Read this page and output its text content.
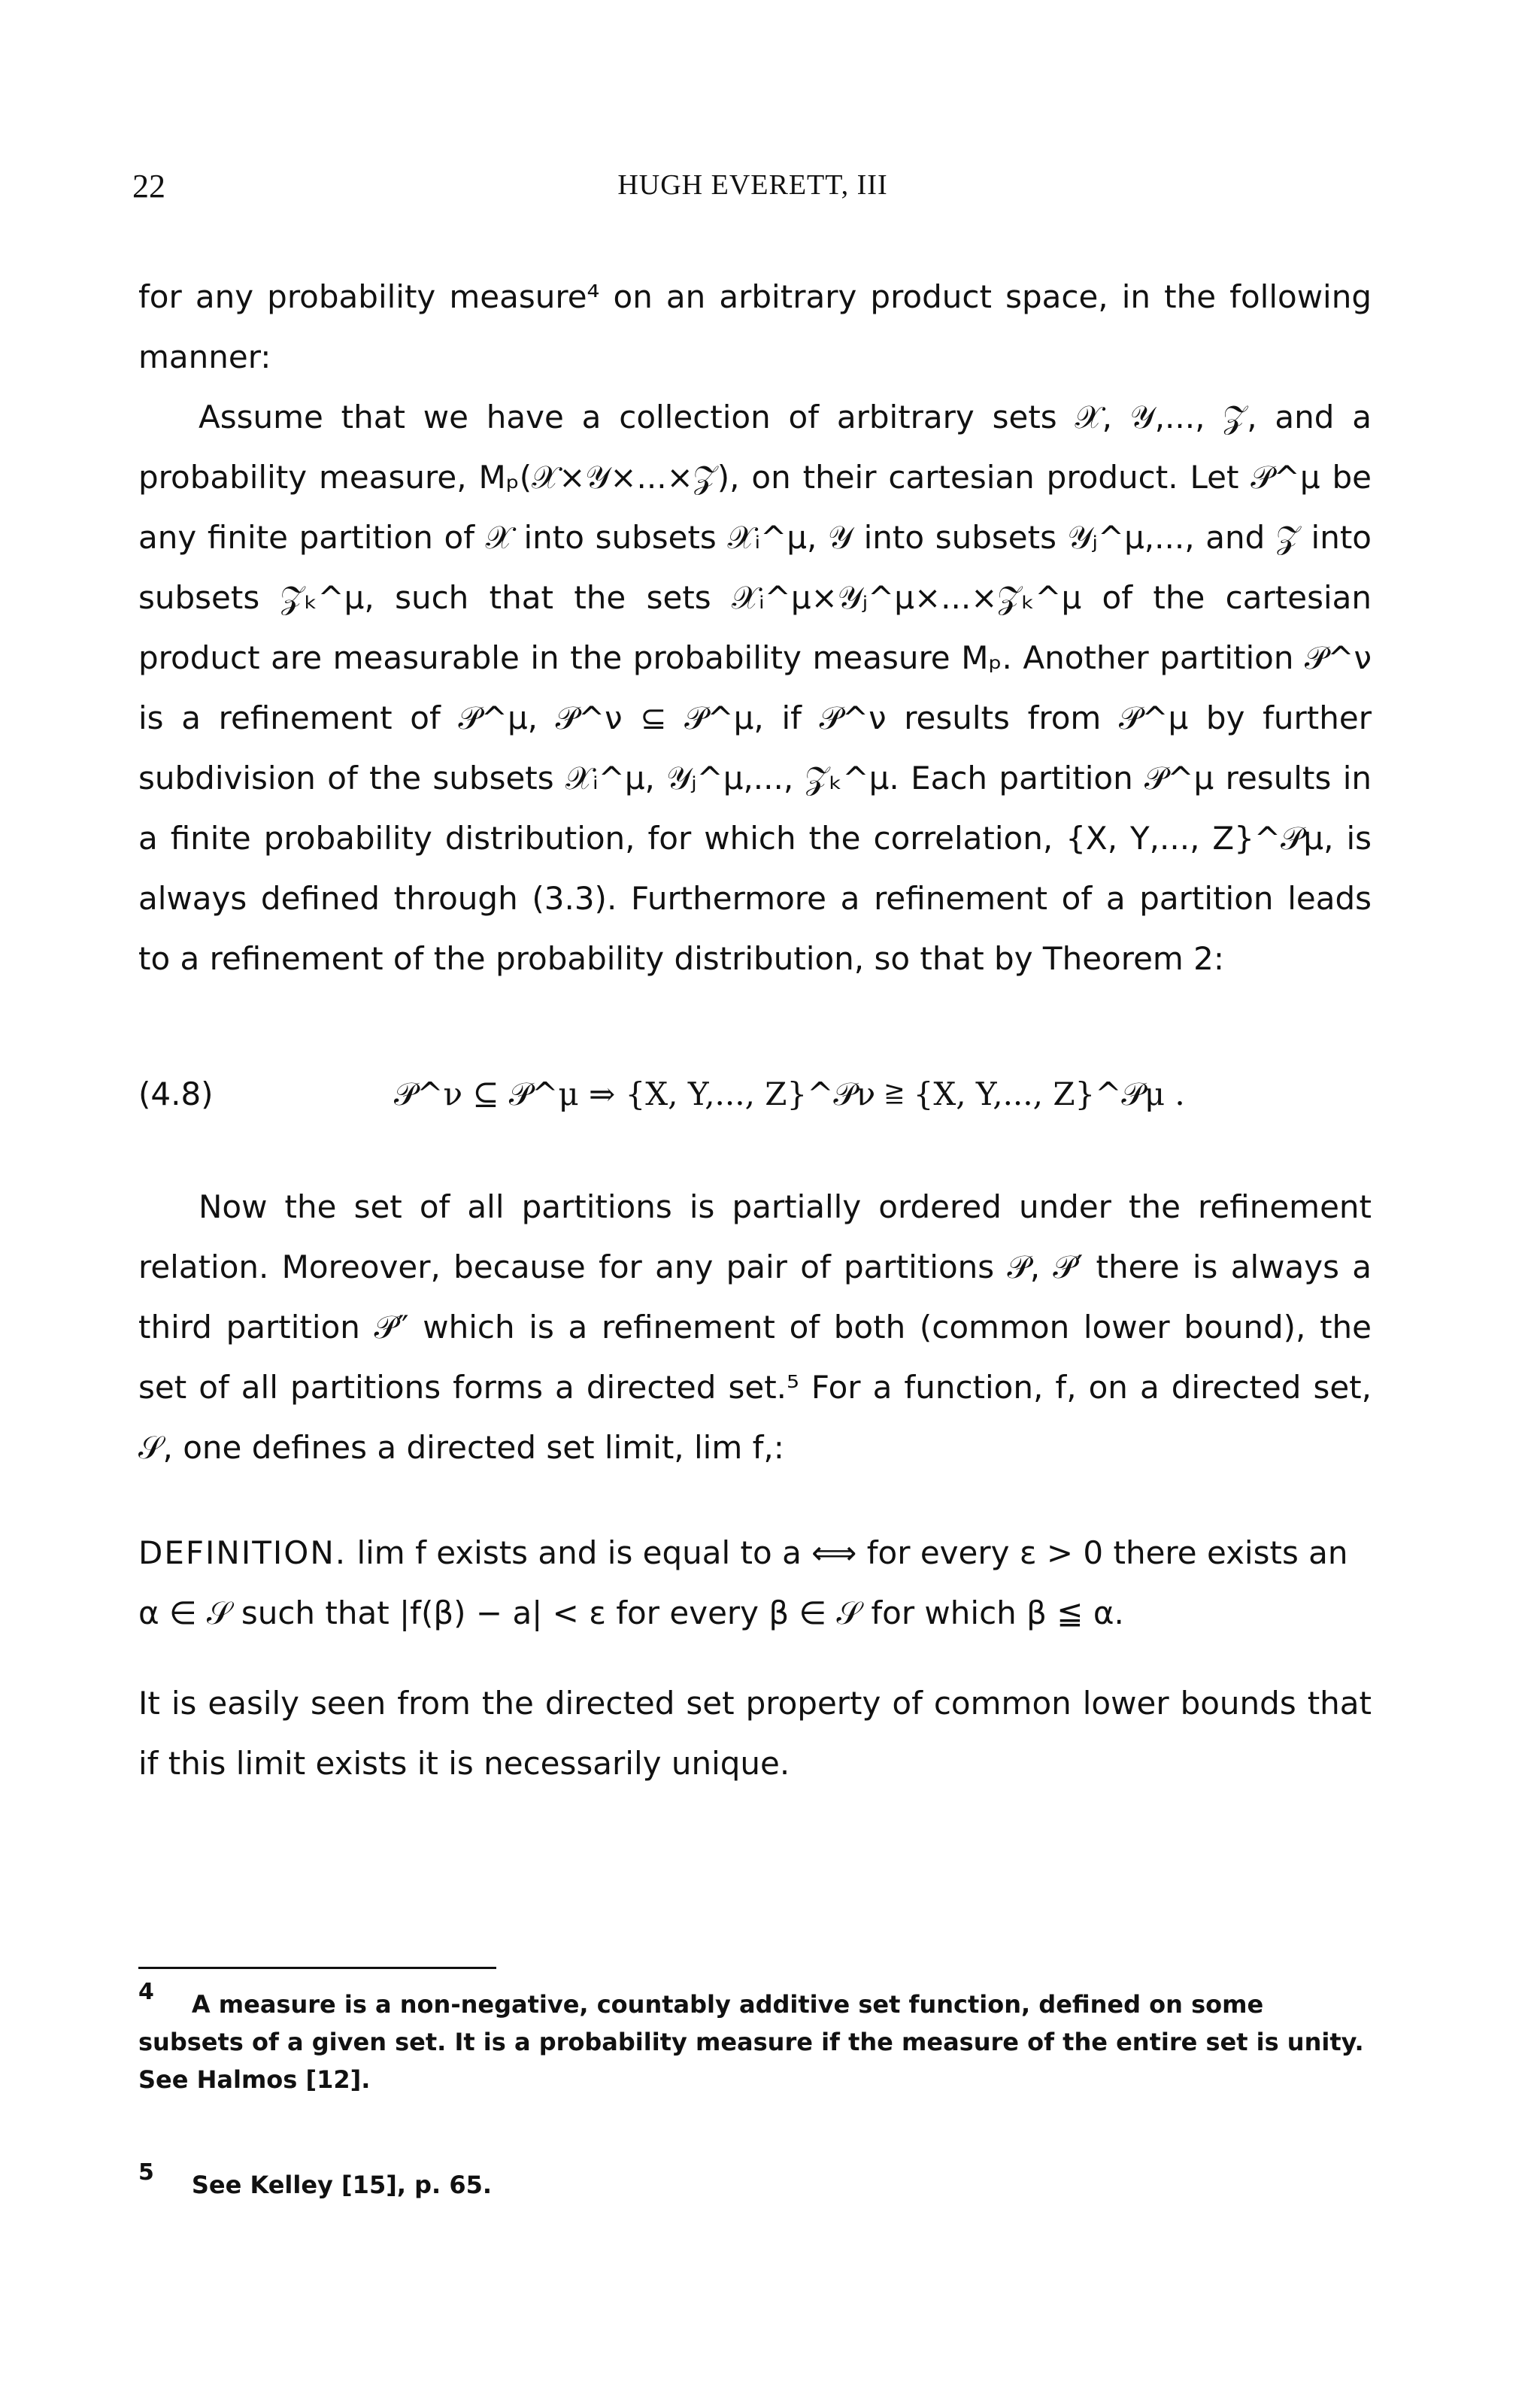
22	HUGH EVERETT, III

for any probability measure⁴ on an arbitrary product space, in the following manner:

Assume that we have a collection of arbitrary sets 𝒳, 𝒴,..., 𝒵, and a probability measure, Mₚ(𝒳×𝒴×...×𝒵), on their cartesian product. Let 𝒫^μ be any finite partition of 𝒳 into subsets 𝒳ᵢ^μ, 𝒴 into subsets 𝒴ⱼ^μ,..., and 𝒵 into subsets 𝒵ₖ^μ, such that the sets 𝒳ᵢ^μ×𝒴ⱼ^μ×...×𝒵ₖ^μ of the cartesian product are measurable in the probability measure Mₚ. Another partition 𝒫^ν is a refinement of 𝒫^μ, 𝒫^ν ⊆ 𝒫^μ, if 𝒫^ν results from 𝒫^μ by further subdivision of the subsets 𝒳ᵢ^μ, 𝒴ⱼ^μ,..., 𝒵ₖ^μ. Each partition 𝒫^μ results in a finite probability distribution, for which the correlation, {X, Y,..., Z}^𝒫μ, is always defined through (3.3). Furthermore a refinement of a partition leads to a refinement of the probability distribution, so that by Theorem 2:

(4.8)	𝒫^ν ⊆ 𝒫^μ ⇒ {X, Y,..., Z}^𝒫ν ≧ {X, Y,..., Z}^𝒫μ .

Now the set of all partitions is partially ordered under the refinement relation. Moreover, because for any pair of partitions 𝒫, 𝒫′ there is always a third partition 𝒫″ which is a refinement of both (common lower bound), the set of all partitions forms a directed set.⁵ For a function, f, on a directed set, 𝒮, one defines a directed set limit, lim f,:

DEFINITION. lim f exists and is equal to a ⟺ for every ε > 0 there exists an α ∈ 𝒮 such that |f(β) − a| < ε for every β ∈ 𝒮 for which β ≦ α.

It is easily seen from the directed set property of common lower bounds that if this limit exists it is necessarily unique.

4 A measure is a non-negative, countably additive set function, defined on some subsets of a given set. It is a probability measure if the measure of the entire set is unity. See Halmos [12].
5 See Kelley [15], p. 65.
